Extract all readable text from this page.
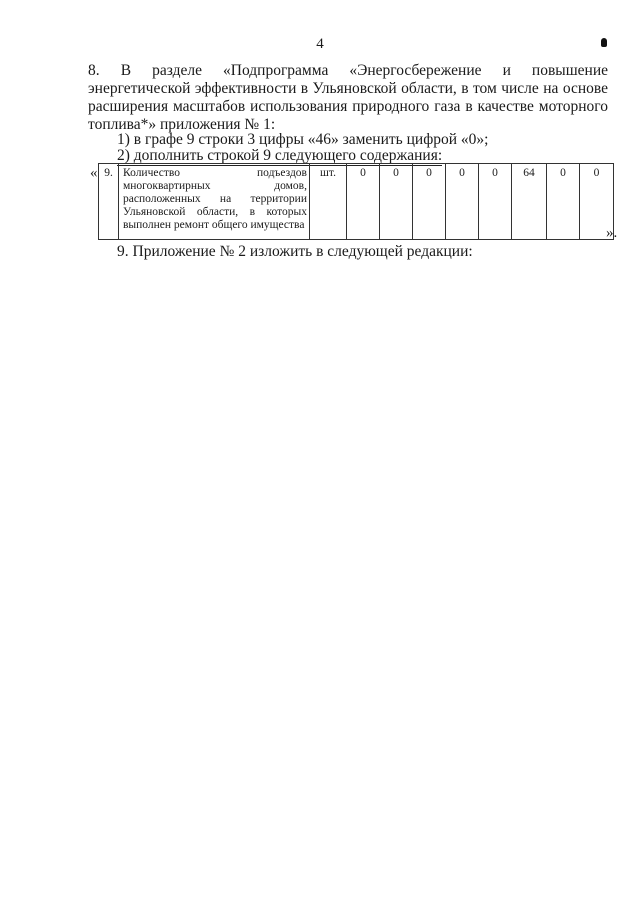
4
8. В разделе «Подпрограмма «Энергосбережение и повышение
энергетической эффективности в Ульяновской области, в том числе на основе
расширения масштабов использования природного газа в качестве моторного
топлива*» приложения № 1:
1) в графе 9 строки 3 цифры «46» заменить цифрой «0»;
2) дополнить строкой 9 следующего содержания:
« 9.	Количество подъездов многоквартирных домов, расположенных на территории Ульяновской области, в которых выполнен ремонт общего имущества	шт.	0	0	0	0	0	64	0	0
».
9. Приложение № 2 изложить в следующей редакции:
